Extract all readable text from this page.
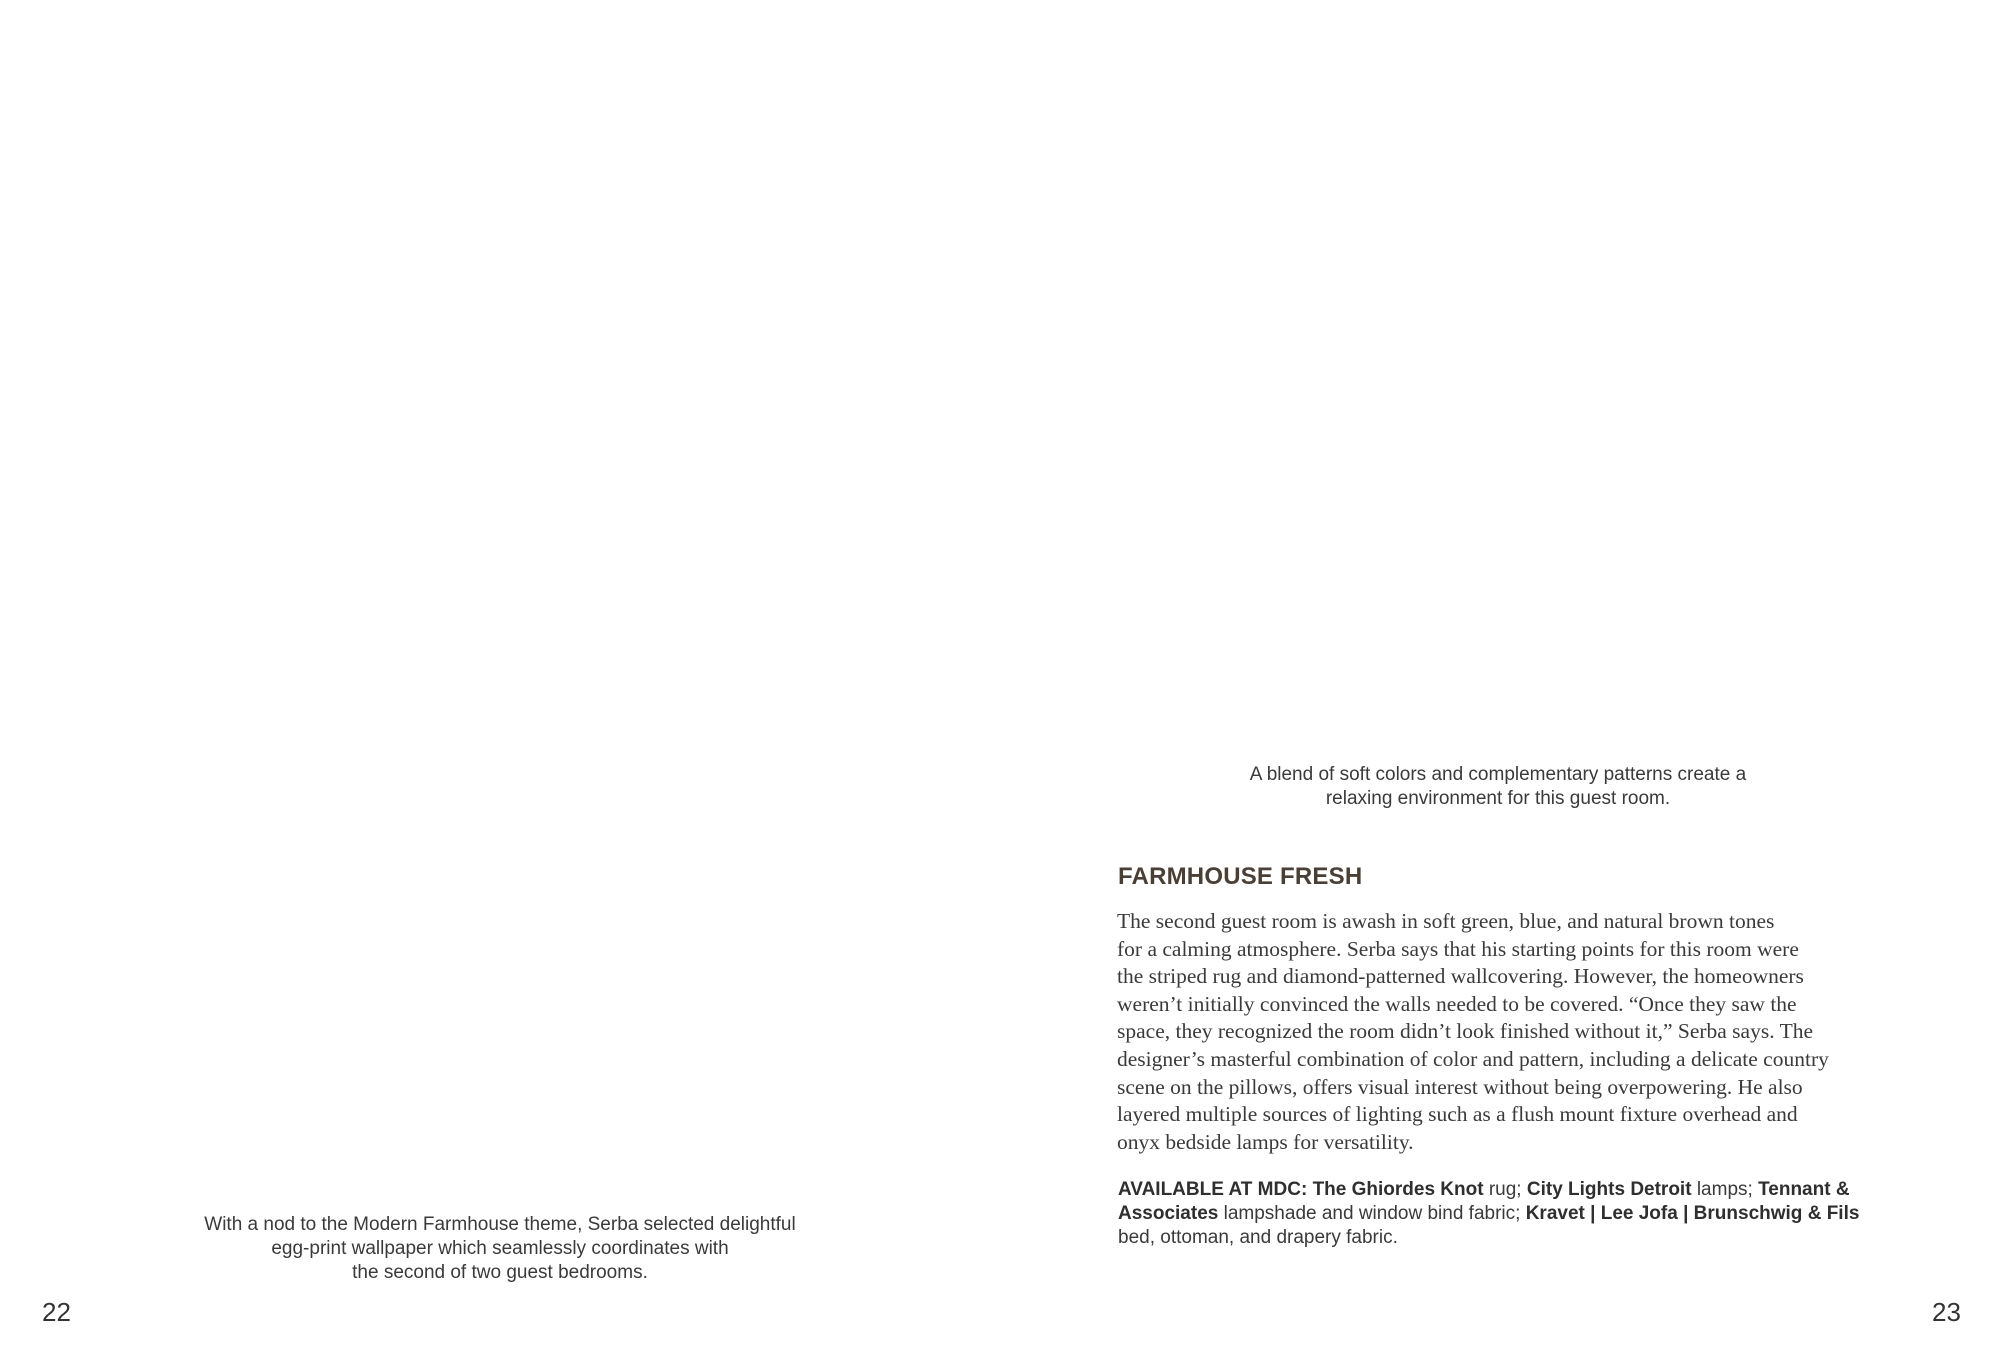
With a nod to the Modern Farmhouse theme, Serba selected delightful
egg-print wallpaper which seamlessly coordinates with
the second of two guest bedrooms.
22
A blend of soft colors and complementary patterns create a
relaxing environment for this guest room.
FARMHOUSE FRESH
The second guest room is awash in soft green, blue, and natural brown tones
for a calming atmosphere. Serba says that his starting points for this room were
the striped rug and diamond-patterned wallcovering. However, the homeowners
weren’t initially convinced the walls needed to be covered. “Once they saw the
space, they recognized the room didn’t look finished without it,” Serba says. The
designer’s masterful combination of color and pattern, including a delicate country
scene on the pillows, offers visual interest without being overpowering. He also
layered multiple sources of lighting such as a flush mount fixture overhead and
onyx bedside lamps for versatility.
AVAILABLE AT MDC: The Ghiordes Knot rug; City Lights Detroit lamps; Tennant &
Associates lampshade and window bind fabric; Kravet | Lee Jofa | Brunschwig & Fils
bed, ottoman, and drapery fabric.
23
